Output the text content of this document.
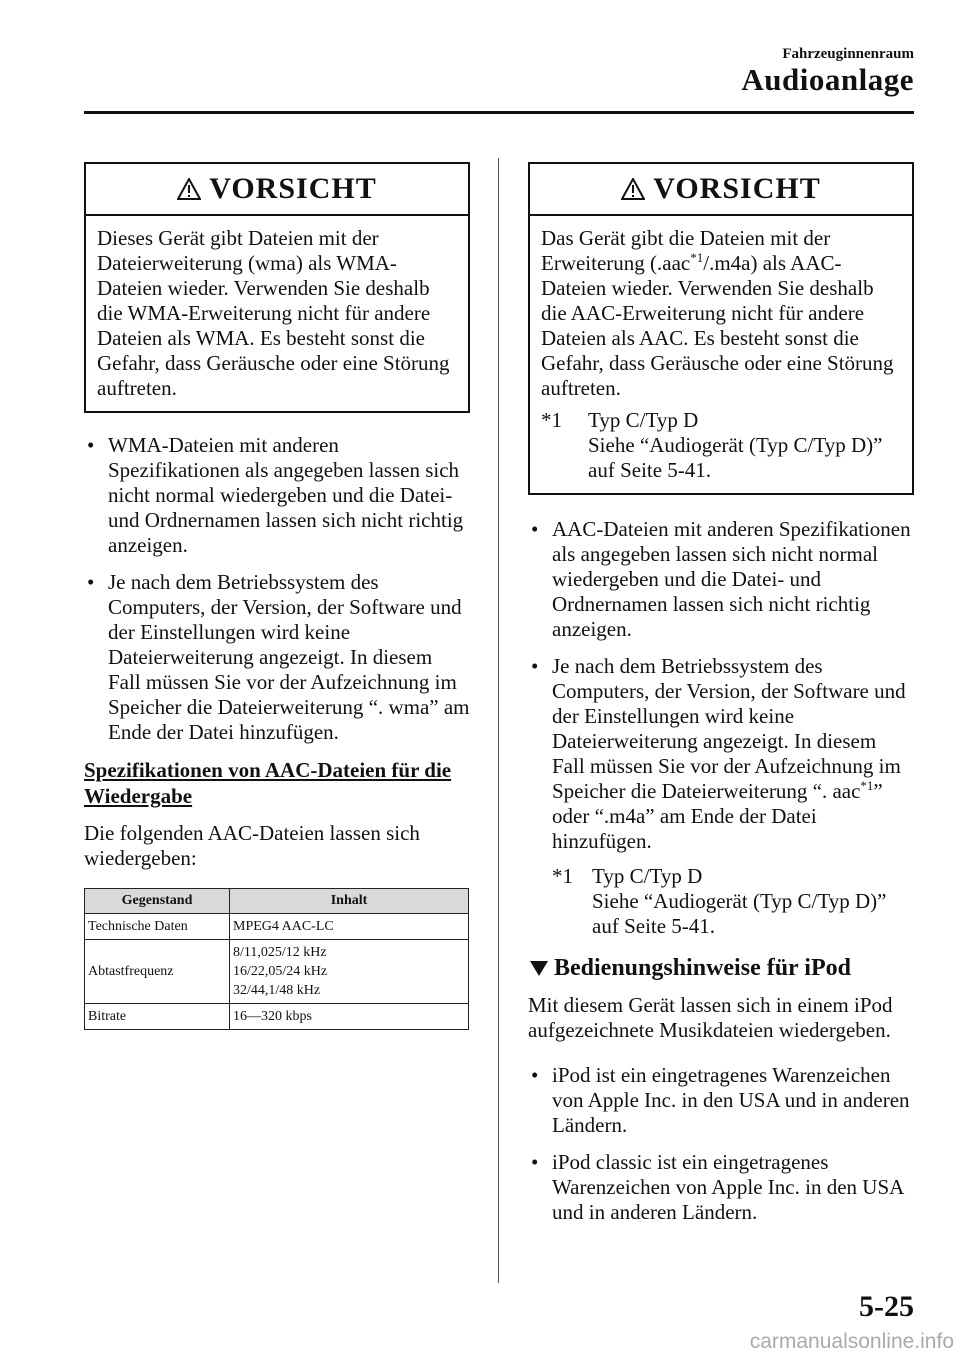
Fahrzeuginnenraum
Audioanlage
VORSICHT
Dieses Gerät gibt Dateien mit der Dateierweiterung (wma) als WMA-Dateien wieder. Verwenden Sie deshalb die WMA-Erweiterung nicht für andere Dateien als WMA. Es besteht sonst die Gefahr, dass Geräusche oder eine Störung auftreten.
• WMA-Dateien mit anderen Spezifikationen als angegeben lassen sich nicht normal wiedergeben und die Datei- und Ordnernamen lassen sich nicht richtig anzeigen.
• Je nach dem Betriebssystem des Computers, der Version, der Software und der Einstellungen wird keine Dateierweiterung angezeigt. In diesem Fall müssen Sie vor der Aufzeichnung im Speicher die Dateierweiterung “. wma” am Ende der Datei hinzufügen.
Spezifikationen von AAC-Dateien für die Wiedergabe
Die folgenden AAC-Dateien lassen sich wiedergeben:
Gegenstand	Inhalt
Technische Daten	MPEG4 AAC-LC
Abtastfrequenz	8/11,025/12 kHz
16/22,05/24 kHz
32/44,1/48 kHz
Bitrate	16―320 kbps
VORSICHT
Das Gerät gibt die Dateien mit der Erweiterung (.aac$^{*1}$/.m4a) als AAC-Dateien wieder. Verwenden Sie deshalb die AAC-Erweiterung nicht für andere Dateien als AAC. Es besteht sonst die Gefahr, dass Geräusche oder eine Störung auftreten.
*1	Typ C/Typ D
Siehe “Audiogerät (Typ C/Typ D)” auf Seite 5-41.
• AAC-Dateien mit anderen Spezifikationen als angegeben lassen sich nicht normal wiedergeben und die Datei- und Ordnernamen lassen sich nicht richtig anzeigen.
• Je nach dem Betriebssystem des Computers, der Version, der Software und der Einstellungen wird keine Dateierweiterung angezeigt. In diesem Fall müssen Sie vor der Aufzeichnung im Speicher die Dateierweiterung “. aac$^{*1}$” oder “.m4a” am Ende der Datei hinzufügen.
*1 Typ C/Typ D
Siehe “Audiogerät (Typ C/Typ D)” auf Seite 5-41.
Bedienungshinweise für iPod
Mit diesem Gerät lassen sich in einem iPod aufgezeichnete Musikdateien wiedergeben.
• iPod ist ein eingetragenes Warenzeichen von Apple Inc. in den USA und in anderen Ländern.
• iPod classic ist ein eingetragenes Warenzeichen von Apple Inc. in den USA und in anderen Ländern.
5-25
carmanualsonline.info
